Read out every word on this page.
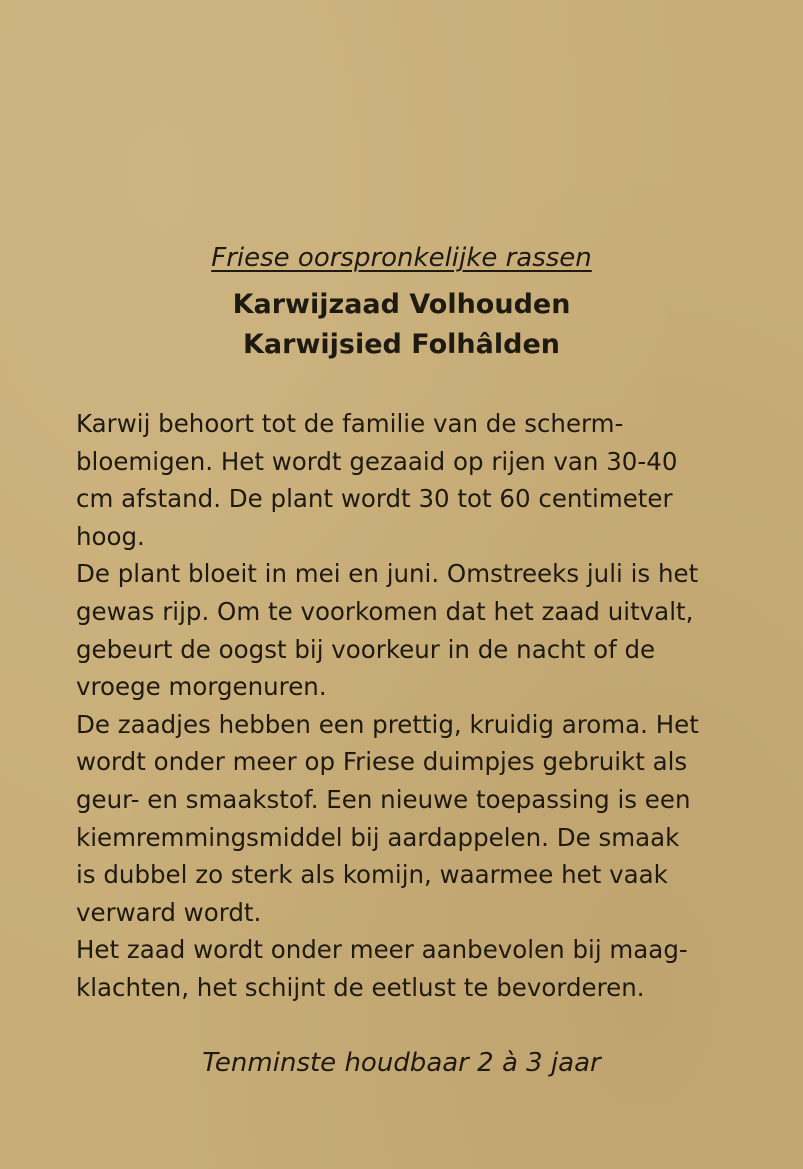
Friese oorspronkelijke rassen
Karwijzaad Volhouden
Karwijsied Folhâlden
Karwij behoort tot de familie van de scherm-
bloemigen. Het wordt gezaaid op rijen van 30-40
cm afstand. De plant wordt 30 tot 60 centimeter
hoog.
De plant bloeit in mei en juni. Omstreeks juli is het
gewas rijp. Om te voorkomen dat het zaad uitvalt,
gebeurt de oogst bij voorkeur in de nacht of de
vroege morgenuren.
De zaadjes hebben een prettig, kruidig aroma. Het
wordt onder meer op Friese duimpjes gebruikt als
geur- en smaakstof. Een nieuwe toepassing is een
kiemremmingsmiddel bij aardappelen. De smaak
is dubbel zo sterk als komijn, waarmee het vaak
verward wordt.
Het zaad wordt onder meer aanbevolen bij maag-
klachten, het schijnt de eetlust te bevorderen.
Tenminste houdbaar 2 à 3 jaar
